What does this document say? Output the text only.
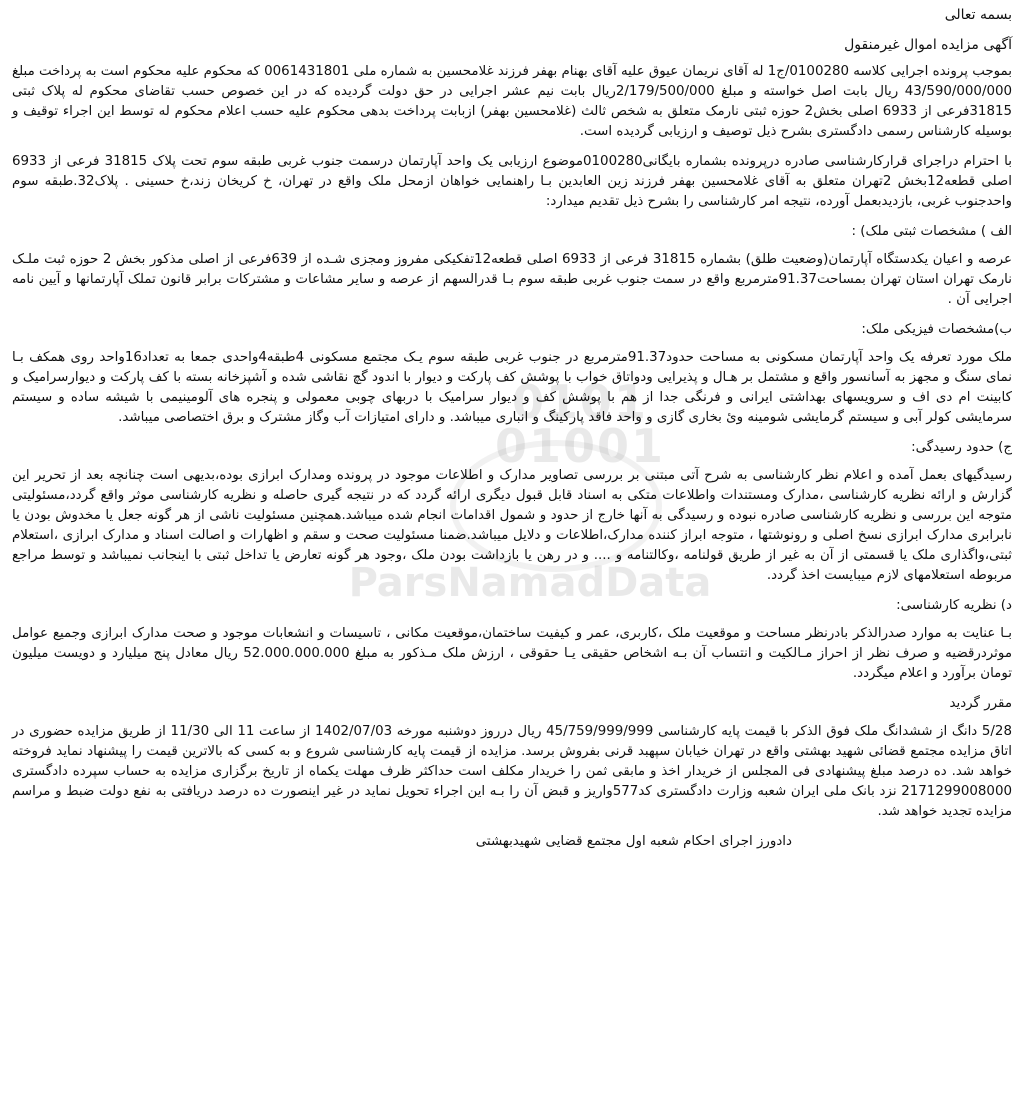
0101
01001
ParsNamadData

بسمه تعالی

آگهی مزایده اموال غیرمنقول

بموجب پرونده اجرایی کلاسه 0100280/ج1 له آقای نریمان عیوق علیه آقای بهنام بهفر فرزند غلامحسین به شماره ملی 0061431801 که محکوم علیه محکوم است به پرداخت مبلغ 43/590/000/000 ریال بابت اصل خواسته و مبلغ 2/179/500/000ریال بابت نیم عشر اجرایی در حق دولت گردیده که در این خصوص حسب تقاضای محکوم له پلاک ثبتی 31815فرعی از 6933 اصلی بخش2 حوزه ثبتی نارمک متعلق به شخص ثالث (غلامحسین بهفر) ازبابت پرداخت بدهی محکوم علیه حسب اعلام محکوم له توسط این اجراء توقیف و بوسیله کارشناس رسمی دادگستری بشرح ذیل توصیف و ارزیابی گردیده است.

با احترام دراجرای قرارکارشناسی صادره درپرونده بشماره بایگانی0100280موضوع ارزیابی یک واحد آپارتمان درسمت جنوب غربی طبقه سوم تحت پلاک 31815 فرعی از 6933 اصلی قطعه12بخش 2تهران متعلق به آقای غلامحسین بهفر فرزند زین العابدین بـا راهنمایی خواهان ازمحل ملک واقع در تهران، خ کریخان زند،خ حسینی . پلاک32.طبقه سوم واحدجنوب غربی، بازدیدبعمل آورده، نتیجه امر کارشناسی را بشرح ذیل تقدیم میدارد:

الف ) مشخصات ثبتی ملک) :

عرصه و اعیان یکدستگاه آپارتمان(وضعیت طلق) بشماره 31815 فرعی از 6933 اصلی قطعه12تفکیکی مفروز ومجزی شـده از 639فرعی از اصلی مذکور بخش 2 حوزه ثبت ملـک نارمک تهران استان تهران بمساحت91.37مترمربع واقع در سمت جنوب غربی طبقه سوم بـا قدرالسهم از عرصه و سایر مشاعات و مشترکات برابر قانون تملک آپارتمانها و آیین نامه اجرایی آن .

ب)مشخصات فیزیکی ملک:

ملک مورد تعرفه یک واحد آپارتمان مسکونی به مساحت حدود91.37مترمربع در جنوب غربی طبقه سوم یـک مجتمع مسکونی 4طبقه4واحدی جمعا به تعداد16واحد روی همکف بـا نمای سنگ و مجهز به آسانسور واقع و مشتمل بر هـال و پذیرایی ودواتاق خواب با پوشش کف پارکت و دیوار با اندود گچ نقاشی شده و آشپزخانه بسته با کف پارکت و دیوارسرامیک و کابینت ام دی اف و سرویسهای بهداشتی ایرانی و فرنگی جدا از هم با پوشش کف و دیوار سرامیک با دربهای چوبی معمولی و پنجره های آلومینیمی با شیشه ساده و سیستم سرمایشی کولر آبی و سیستم گرمایشی شومینه وئ بخاری گازی و واحد فاقد پارکینگ و انباری میباشد. و دارای امتیازات آب وگاز مشترک و برق اختصاصی میباشد.

ج) حدود رسیدگی:

رسیدگیهای بعمل آمده و اعلام نظر کارشناسی به شرح آتی مبتنی بر بررسی تصاویر مدارک و اطلاعات موجود در پرونده ومدارک ابرازی بوده،بدیهی است چنانچه بعد از تحریر این گزارش و ارائه نظریه کارشناسی ،مدارک ومستندات واطلاعات متکی به اسناد قابل قبول دیگری ارائه گردد که در نتیجه گیری حاصله و نظریه کارشناسی موثر واقع گردد،مسئولیتی متوجه این بررسی و نظریه کارشناسی صادره نبوده و رسیدگی به آنها خارج از حدود و شمول اقدامات انجام شده میباشد.همچنین مسئولیت ناشی از هر گونه جعل یا مخدوش بودن یا نابرابری مدارک ابرازی نسخ اصلی و رونوشتها ، متوجه ابراز کننده مدارک،اطلاعات و دلایل میباشد.ضمنا مسئولیت صحت و سقم و اظهارات و اصالت اسناد و مدارک ابرازی ،استعلام ثبتی،واگذاری ملک یا قسمتی از آن به غیر از طریق قولنامه ،وکالتنامه و .... و در رهن یا بازداشت بودن ملک ،وجود هر گونه تعارض یا تداخل ثبتی با اینجانب نمیباشد و توسط مراجع مربوطه استعلامهای لازم میبایست اخذ گردد.

د) نظریه کارشناسی:

بـا عنایت به موارد صدرالذکر بادرنظر مساحت و موقعیت ملک ،کاربری، عمر و کیفیت ساختمان،موقعیت مکانی ، تاسیسات و انشعابات موجود و صحت مدارک ابرازی وجمیع عوامل موثردرقضیه و صرف نظر از احراز مـالکیت و انتساب آن بـه اشخاص حقیقی یـا حقوقی ، ارزش ملک مـذکور به مبلغ 52.000.000.000 ریال معادل پنج میلیارد و دویست میلیون تومان برآورد و اعلام میگردد.

مقرر گردید

5/28 دانگ از ششدانگ ملک فوق الذکر با قیمت پایه کارشناسی 45/759/999/999 ریال درروز دوشنبه مورخه 1402/07/03 از ساعت 11 الی 11/30 از طریق مزایده حضوری در اتاق مزایده مجتمع قضائی شهید بهشتی واقع در تهران خیابان سپهبد قرنی بفروش برسد. مزایده از قیمت پایه کارشناسی شروع و به کسی که بالاترین قیمت را پیشنهاد نماید فروخته خواهد شد. ده درصد مبلغ پیشنهادی فی المجلس از خریدار اخذ و مابقی ثمن را خریدار مکلف است حداکثر ظرف مهلت یکماه از تاریخ برگزاری مزایده به حساب سپرده دادگستری 2171299008000 نزد بانک ملی ایران شعبه وزارت دادگستری کد577واریز و قبض آن را بـه این اجراء تحویل نماید در غیر اینصورت ده درصد دریافتی به نفع دولت ضبط و مراسم مزایده تجدید خواهد شد.

دادورز اجرای احکام شعبه اول مجتمع قضایی شهیدبهشتی
